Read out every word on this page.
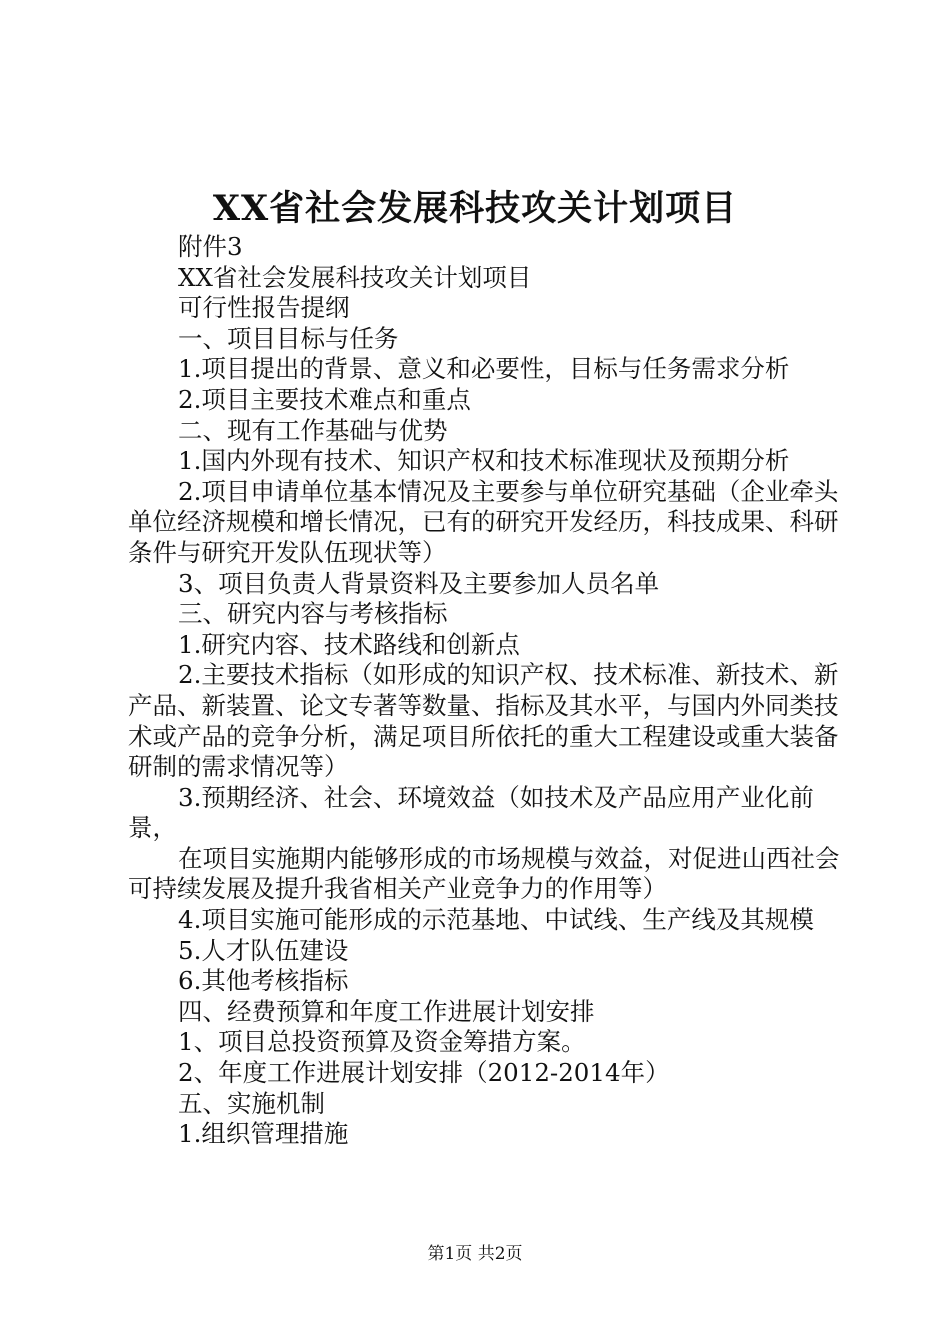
XX省社会发展科技攻关计划项目

附件3

XX省社会发展科技攻关计划项目

可行性报告提纲

一、项目目标与任务

1.项目提出的背景、意义和必要性，目标与任务需求分析

2.项目主要技术难点和重点

二、现有工作基础与优势

1.国内外现有技术、知识产权和技术标准现状及预期分析

2.项目申请单位基本情况及主要参与单位研究基础（企业牵头单位经济规模和增长情况，已有的研究开发经历，科技成果、科研条件与研究开发队伍现状等）

3、项目负责人背景资料及主要参加人员名单

三、研究内容与考核指标

1.研究内容、技术路线和创新点

2.主要技术指标（如形成的知识产权、技术标准、新技术、新产品、新装置、论文专著等数量、指标及其水平，与国内外同类技术或产品的竞争分析，满足项目所依托的重大工程建设或重大装备研制的需求情况等）

3.预期经济、社会、环境效益（如技术及产品应用产业化前景，

在项目实施期内能够形成的市场规模与效益，对促进山西社会可持续发展及提升我省相关产业竞争力的作用等）

4.项目实施可能形成的示范基地、中试线、生产线及其规模

5.人才队伍建设

6.其他考核指标

四、经费预算和年度工作进展计划安排

1、项目总投资预算及资金筹措方案。

2、年度工作进展计划安排（2012-2014年）

五、实施机制

1.组织管理措施

第1页 共2页
